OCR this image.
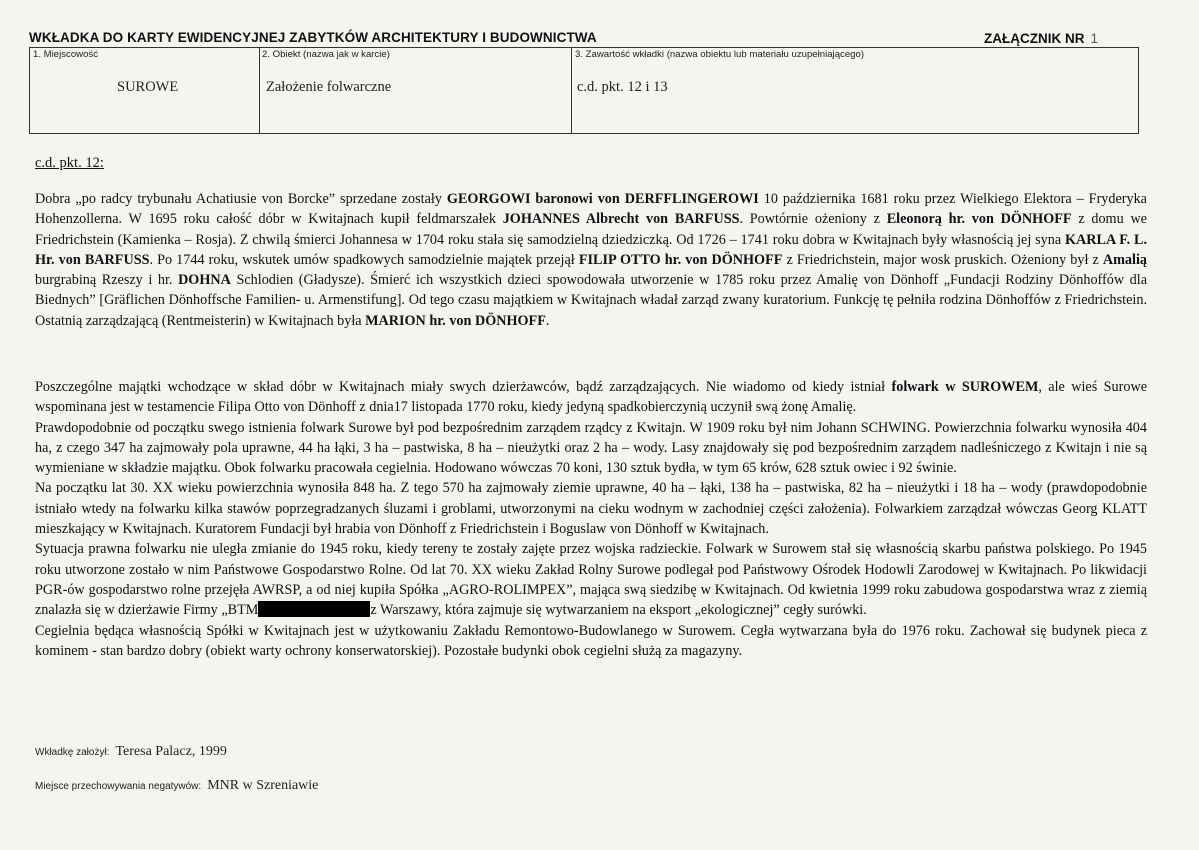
WKŁADKA DO KARTY EWIDENCYJNEJ ZABYTKÓW ARCHITEKTURY I BUDOWNICTWA	ZAŁĄCZNIK NR 1
1. Miejscowość
SUROWE
2. Obiekt (nazwa jak w karcie)
Założenie folwarczne
3. Zawartość wkładki (nazwa obiektu lub materiału uzupełniającego)
c.d. pkt. 12 i 13
c.d. pkt. 12:

Dobra „po radcy trybunału Achatiusie von Borcke” sprzedane zostały GEORGOWI baronowi von DERFFLINGEROWI 10 października 1681 roku przez Wielkiego Elektora – Fryderyka Hohenzollerna. W 1695 roku całość dóbr w Kwitajnach kupił feldmarszałek JOHANNES Albrecht von BARFUSS. Powtórnie ożeniony z Eleonorą hr. von DÖNHOFF z domu we Friedrichstein (Kamienka – Rosja). Z chwilą śmierci Johannesa w 1704 roku stała się samodzielną dziedziczką. Od 1726 – 1741 roku dobra w Kwitajnach były własnością jej syna KARLA F. L. Hr. von BARFUSS. Po 1744 roku, wskutek umów spadkowych samodzielnie majątek przejął FILIP OTTO hr. von DÖNHOFF z Friedrichstein, major wosk pruskich. Ożeniony był z Amalią burgrabiną Rzeszy i hr. DOHNA Schlodien (Gładysze). Śmierć ich wszystkich dzieci spowodowała utworzenie w 1785 roku przez Amalię von Dönhoff „Fundacji Rodziny Dönhoffów dla Biednych” [Gräflichen Dönhoffsche Familien- u. Armenstifung]. Od tego czasu majątkiem w Kwitajnach władał zarząd zwany kuratorium. Funkcję tę pełniła rodzina Dönhoffów z Friedrichstein. Ostatnią zarządzającą (Rentmeisterin) w Kwitajnach była MARION hr. von DÖNHOFF.

Poszczególne majątki wchodzące w skład dóbr w Kwitajnach miały swych dzierżawców, bądź zarządzających. Nie wiadomo od kiedy istniał folwark w SUROWEM, ale wieś Surowe wspominana jest w testamencie Filipa Otto von Dönhoff z dnia17 listopada 1770 roku, kiedy jedyną spadkobierczynią uczynił swą żonę Amalię.

Prawdopodobnie od początku swego istnienia folwark Surowe był pod bezpośrednim zarządem rządcy z Kwitajn. W 1909 roku był nim Johann SCHWING. Powierzchnia folwarku wynosiła 404 ha, z czego 347 ha zajmowały pola uprawne, 44 ha łąki, 3 ha – pastwiska, 8 ha – nieużytki oraz 2 ha – wody. Lasy znajdowały się pod bezpośrednim zarządem nadleśniczego z Kwitajn i nie są wymieniane w składzie majątku. Obok folwarku pracowała cegielnia. Hodowano wówczas 70 koni, 130 sztuk bydła, w tym 65 krów, 628 sztuk owiec i 92 świnie.

Na początku lat 30. XX wieku powierzchnia wynosiła 848 ha. Z tego 570 ha zajmowały ziemie uprawne, 40 ha – łąki, 138 ha – pastwiska, 82 ha – nieużytki i 18 ha – wody (prawdopodobnie istniało wtedy na folwarku kilka stawów poprzegradzanych śluzami i groblami, utworzonymi na cieku wodnym w zachodniej części założenia). Folwarkiem zarządzał wówczas Georg KLATT mieszkający w Kwitajnach. Kuratorem Fundacji był hrabia von Dönhoff z Friedrichstein i Boguslaw von Dönhoff w Kwitajnach.

Sytuacja prawna folwarku nie uległa zmianie do 1945 roku, kiedy tereny te zostały zajęte przez wojska radzieckie. Folwark w Surowem stał się własnością skarbu państwa polskiego. Po 1945 roku utworzone zostało w nim Państwowe Gospodarstwo Rolne. Od lat 70. XX wieku Zakład Rolny Surowe podlegał pod Państwowy Ośrodek Hodowli Zarodowej w Kwitajnach. Po likwidacji PGR-ów gospodarstwo rolne przejęła AWRSP, a od niej kupiła Spółka „AGRO-ROLIMPEX”, mająca swą siedzibę w Kwitajnach. Od kwietnia 1999 roku zabudowa gospodarstwa wraz z ziemią znalazła się w dzierżawie Firmy „BTM	z Warszawy, która zajmuje się wytwarzaniem na eksport „ekologicznej” cegły surówki.

Cegielnia będąca własnością Spółki w Kwitajnach jest w użytkowaniu Zakładu Remontowo-Budowlanego w Surowem. Cegła wytwarzana była do 1976 roku. Zachował się budynek pieca z kominem - stan bardzo dobry (obiekt warty ochrony konserwatorskiej). Pozostałe budynki obok cegielni służą za magazyny.

Wkładkę założył: Teresa Palacz, 1999
Miejsce przechowywania negatywów: MNR w Szreniawie
